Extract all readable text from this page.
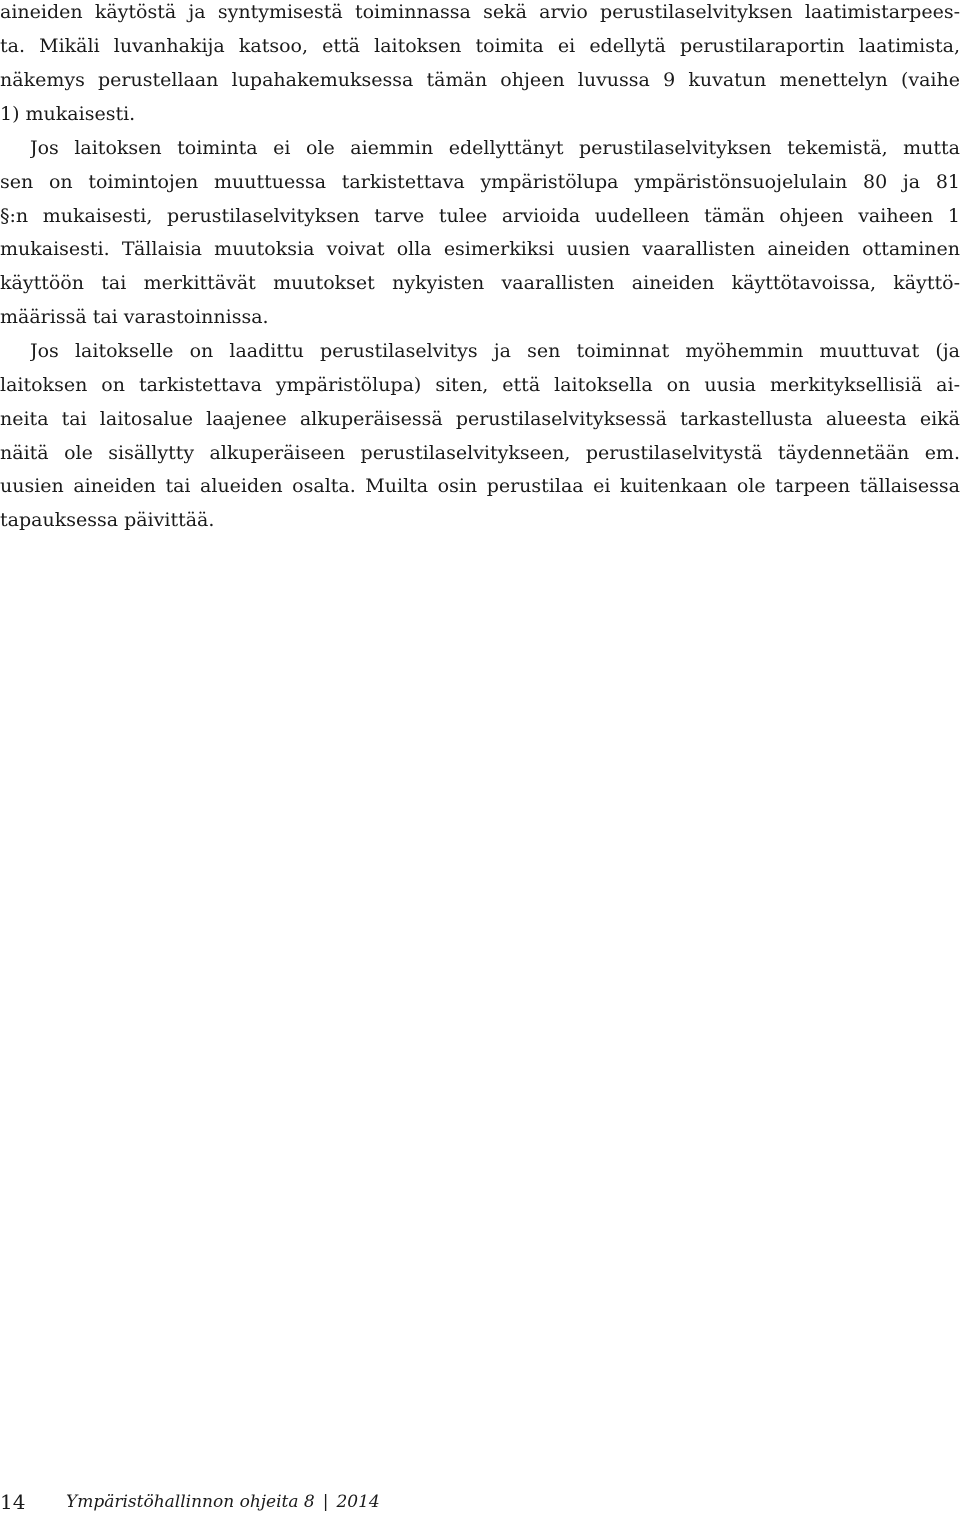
aineiden käytöstä ja syntymisestä toiminnassa sekä arvio perustilaselvityksen laatimistarpees-
ta. Mikäli luvanhakija katsoo, että laitoksen toimita ei edellytä perustilaraportin laatimista,
näkemys perustellaan lupahakemuksessa tämän ohjeen luvussa 9 kuvatun menettelyn (vaihe
1) mukaisesti.
Jos laitoksen toiminta ei ole aiemmin edellyttänyt perustilaselvityksen tekemistä, mutta
sen on toimintojen muuttuessa tarkistettava ympäristölupa ympäristönsuojelulain 80 ja 81
§:n mukaisesti, perustilaselvityksen tarve tulee arvioida uudelleen tämän ohjeen vaiheen 1
mukaisesti. Tällaisia muutoksia voivat olla esimerkiksi uusien vaarallisten aineiden ottaminen
käyttöön tai merkittävät muutokset nykyisten vaarallisten aineiden käyttötavoissa, käyttö-
määrissä tai varastoinnissa.
Jos laitokselle on laadittu perustilaselvitys ja sen toiminnat myöhemmin muuttuvat (ja
laitoksen on tarkistettava ympäristölupa) siten, että laitoksella on uusia merkityksellisiä ai-
neita tai laitosalue laajenee alkuperäisessä perustilaselvityksessä tarkastellusta alueesta eikä
näitä ole sisällytty alkuperäiseen perustilaselvitykseen, perustilaselvitystä täydennetään em.
uusien aineiden tai alueiden osalta. Muilta osin perustilaa ei kuitenkaan ole tarpeen tällaisessa
tapauksessa päivittää.
14 Ympäristöhallinnon ohjeita 8 | 2014
